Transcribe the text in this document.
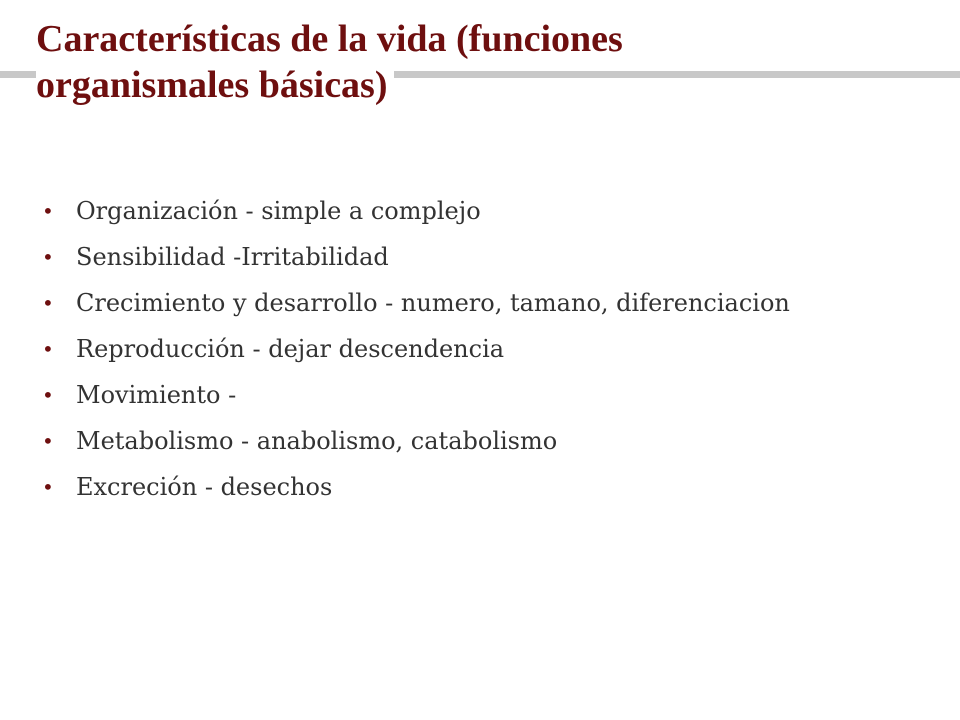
Características de la vida (funciones
organismales básicas)
• Organización - simple a complejo
• Sensibilidad -Irritabilidad
• Crecimiento y desarrollo - numero, tamano, diferenciacion
• Reproducción - dejar descendencia
• Movimiento -
• Metabolismo - anabolismo, catabolismo
• Excreción - desechos
